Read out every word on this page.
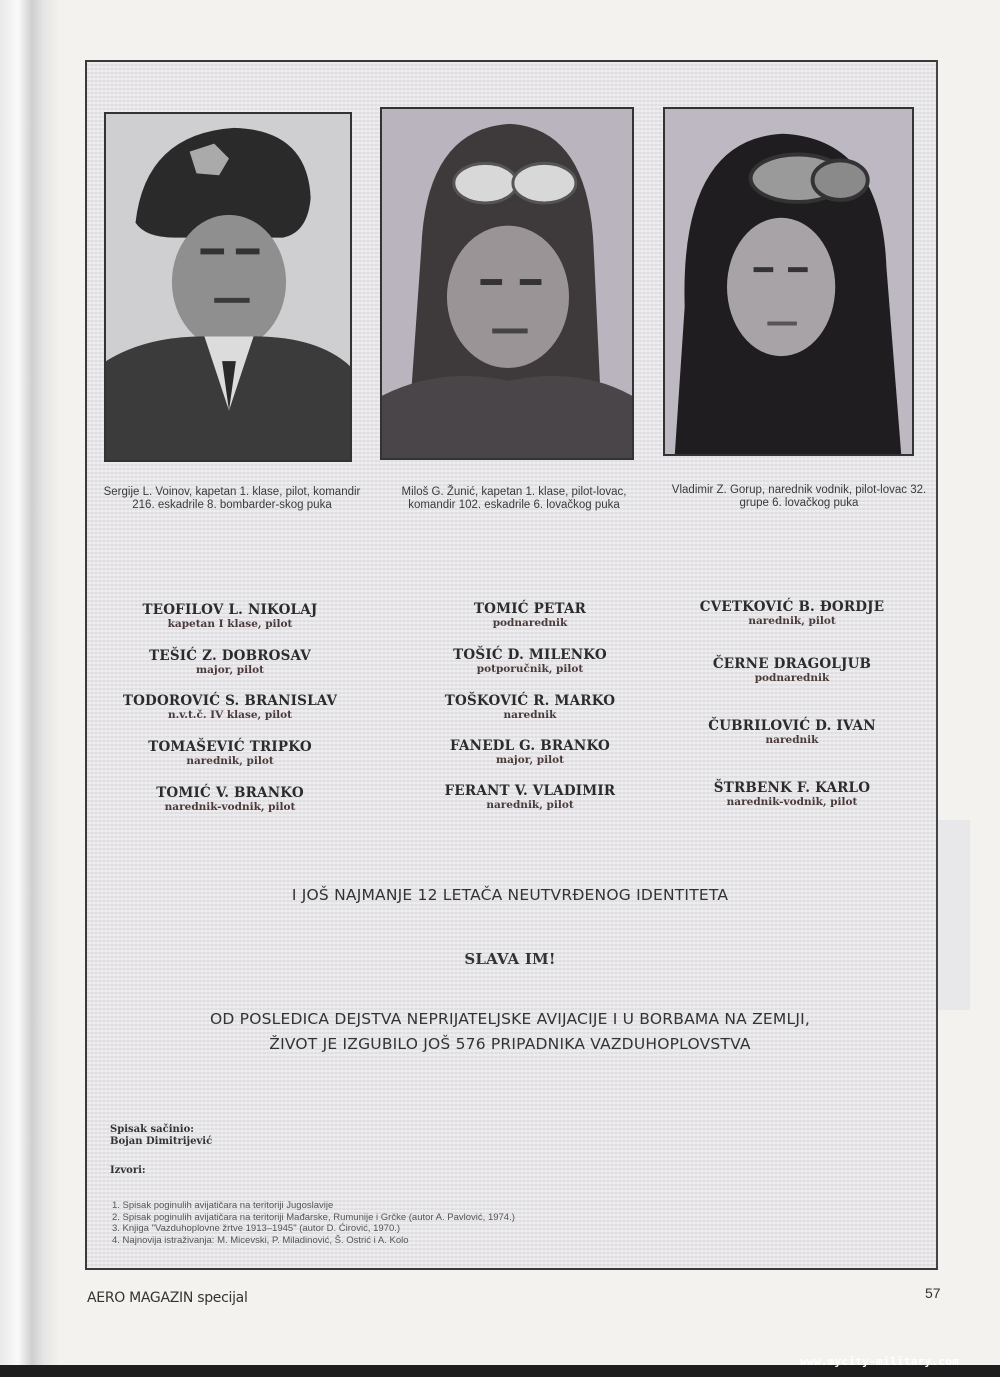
Sergije L. Voinov, kapetan 1. klase, pilot, komandir 216. eskadrile 8. bombarder-skog puka
Miloš G. Žunić, kapetan 1. klase, pilot-lovac, komandir 102. eskadrile 6. lovačkog puka
Vladimir Z. Gorup, narednik vodnik, pilot-lovac 32. grupe 6. lovačkog puka
TEOFILOV L. NIKOLAJ
kapetan I klase, pilot
TEŠIĆ Z. DOBROSAV
major, pilot
TODOROVIĆ S. BRANISLAV
n.v.t.č. IV klase, pilot
TOMAŠEVIĆ TRIPKO
narednik, pilot
TOMIĆ V. BRANKO
narednik-vodnik, pilot
TOMIĆ PETAR
podnarednik
TOŠIĆ D. MILENKO
potporučnik, pilot
TOŠKOVIĆ R. MARKO
narednik
FANEDL G. BRANKO
major, pilot
FERANT V. VLADIMIR
narednik, pilot
CVETKOVIĆ B. ĐORDJE
narednik, pilot
ČERNE DRAGOLJUB
podnarednik
ČUBRILOVIĆ D. IVAN
narednik
ŠTRBENK F. KARLO
narednik-vodnik, pilot
I JOŠ NAJMANJE 12 LETAČA NEUTVRĐENOG IDENTITETA
SLAVA IM!
OD POSLEDICA DEJSTVA NEPRIJATELJSKE AVIJACIJE I U BORBAMA NA ZEMLJI,
ŽIVOT JE IZGUBILO JOŠ 576 PRIPADNIKA VAZDUHOPLOVSTVA
Spisak sačinio:
Bojan Dimitrijević
Izvori:
1. Spisak poginulih avijatičara na teritoriji Jugoslavije
2. Spisak poginulih avijatičara na teritoriji Mađarske, Rumunije i Grčke (autor A. Pavlović, 1974.)
3. Knjiga "Vazduhoplovne žrtve 1913–1945" (autor D. Ćirović, 1970.)
4. Najnovija istraživanja: M. Micevski, P. Miladinović, Š. Ostrić i A. Kolo
AERO MAGAZIN specijal	57
www.mycity-military.com
